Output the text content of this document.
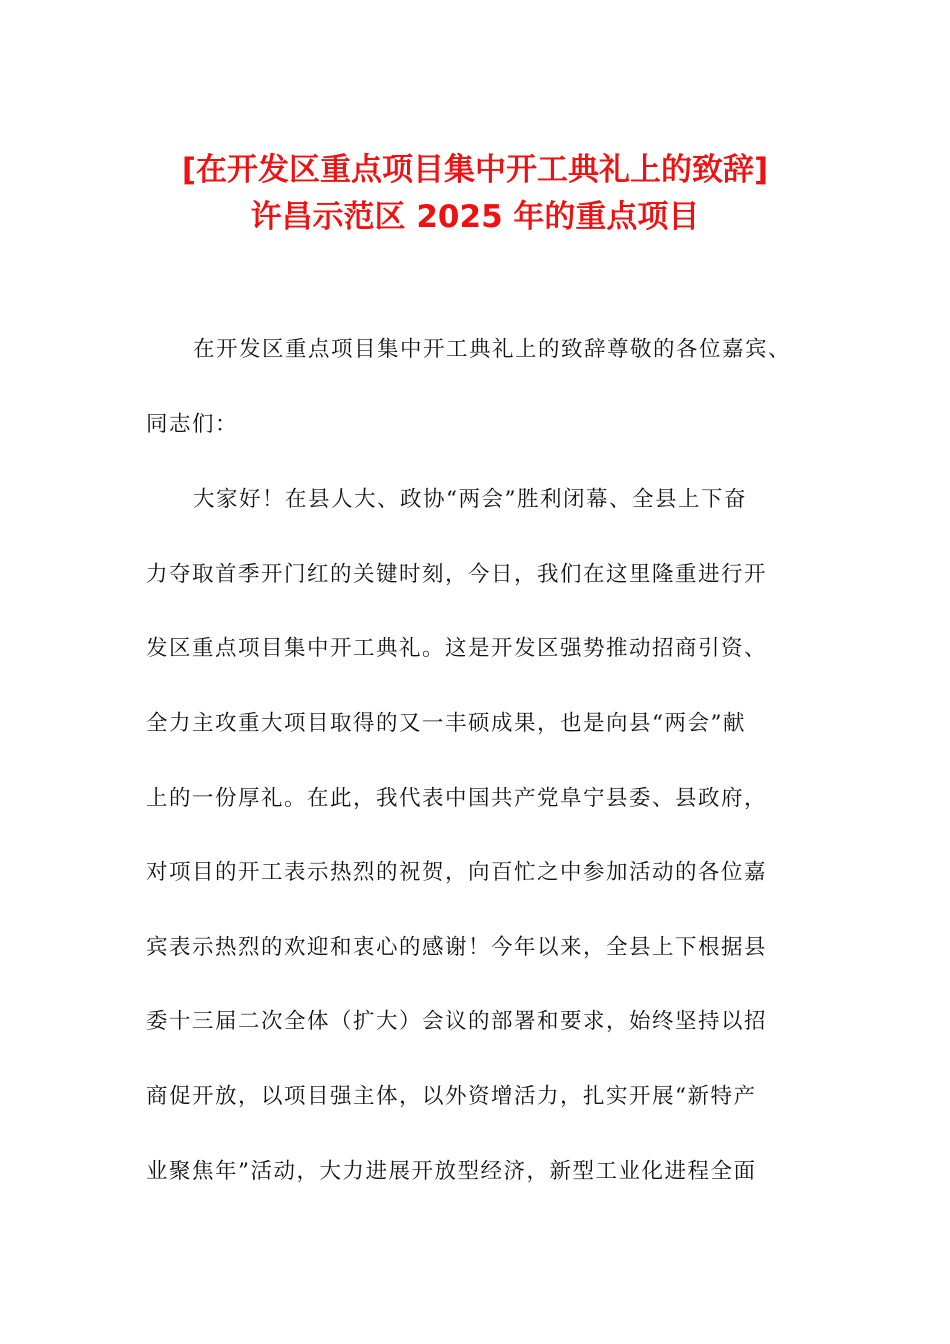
[在开发区重点项目集中开工典礼上的致辞]
许昌示范区 2025 年的重点项目
在开发区重点项目集中开工典礼上的致辞尊敬的各位嘉宾、
同志们：
大家好！在县人大、政协“两会”胜利闭幕、全县上下奋
力夺取首季开门红的关键时刻，今日，我们在这里隆重进行开
发区重点项目集中开工典礼。这是开发区强势推动招商引资、
全力主攻重大项目取得的又一丰硕成果，也是向县“两会”献
上的一份厚礼。在此，我代表中国共产党阜宁县委、县政府，
对项目的开工表示热烈的祝贺，向百忙之中参加活动的各位嘉
宾表示热烈的欢迎和衷心的感谢！今年以来，全县上下根据县
委十三届二次全体（扩大）会议的部署和要求，始终坚持以招
商促开放，以项目强主体，以外资增活力，扎实开展“新特产
业聚焦年”活动，大力进展开放型经济，新型工业化进程全面
